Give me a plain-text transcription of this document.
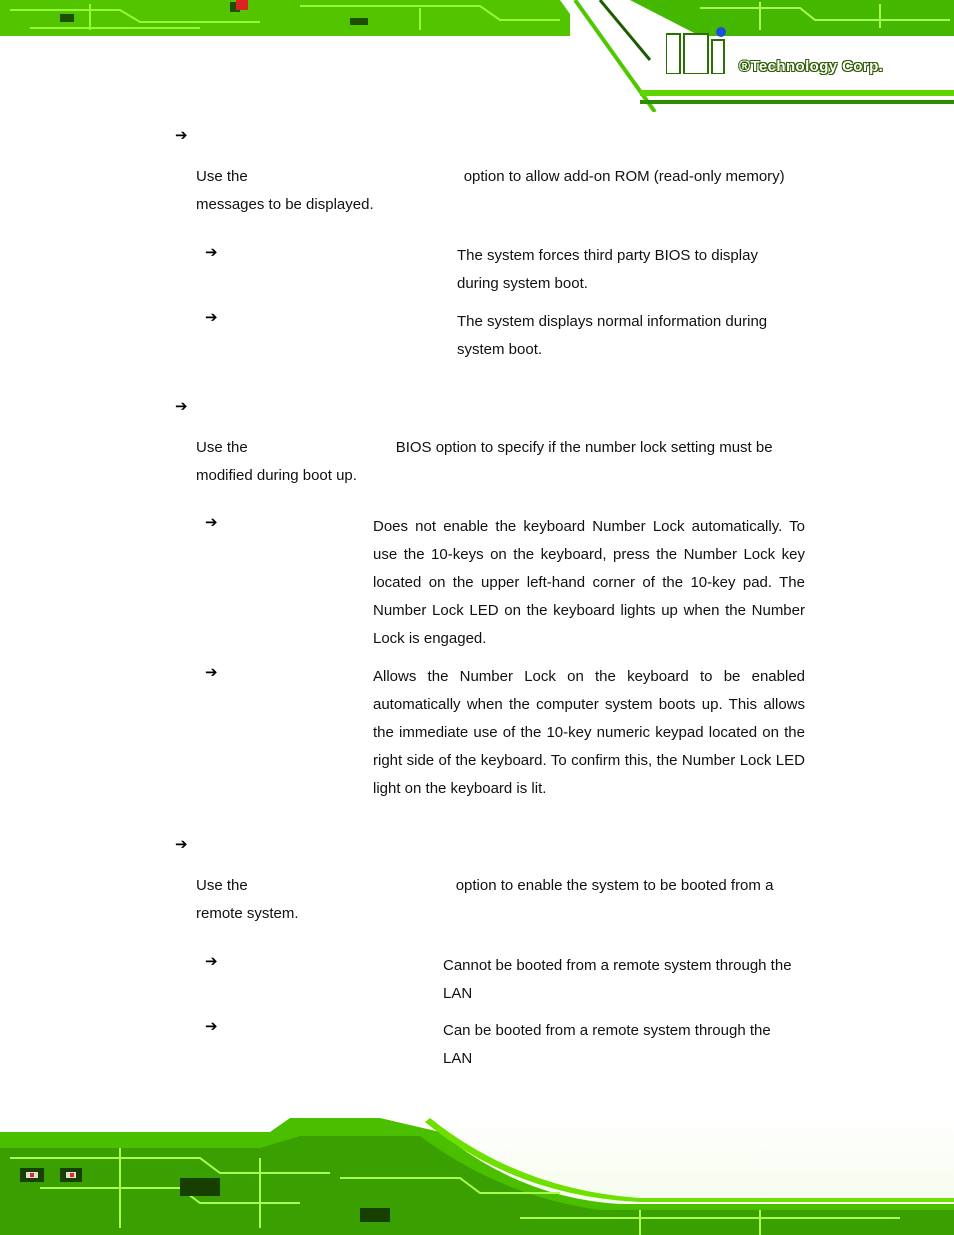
®Technology Corp.
➔

Use the	option to allow add-on ROM (read-only memory)
messages to be displayed.

➔	The system forces third party BIOS to display
during system boot.

➔	The system displays normal information during
system boot.

➔

Use the	BIOS option to specify if the number lock setting must be
modified during boot up.

➔	Does not enable the keyboard Number Lock automatically. To use the 10-keys on the keyboard, press the Number Lock key located on the upper left-hand corner of the 10-key pad. The Number Lock LED on the keyboard lights up when the Number Lock is engaged.

➔	Allows the Number Lock on the keyboard to be enabled automatically when the computer system boots up. This allows the immediate use of the 10-key numeric keypad located on the right side of the keyboard. To confirm this, the Number Lock LED light on the keyboard is lit.

➔

Use the	option to enable the system to be booted from a
remote system.

➔	Cannot be booted from a remote system through the
LAN

➔	Can be booted from a remote system through the
LAN
